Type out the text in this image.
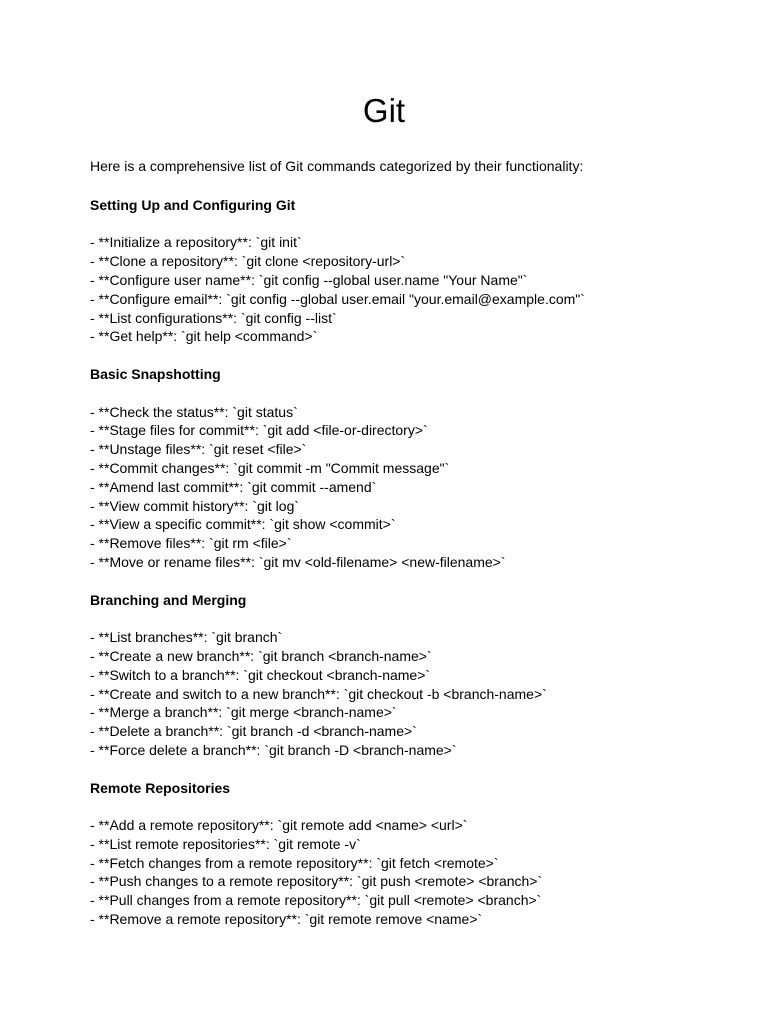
Git

Here is a comprehensive list of Git commands categorized by their functionality:

Setting Up and Configuring Git

- **Initialize a repository**: `git init`
- **Clone a repository**: `git clone <repository-url>`
- **Configure user name**: `git config --global user.name "Your Name"`
- **Configure email**: `git config --global user.email "your.email@example.com"`
- **List configurations**: `git config --list`
- **Get help**: `git help <command>`

Basic Snapshotting

- **Check the status**: `git status`
- **Stage files for commit**: `git add <file-or-directory>`
- **Unstage files**: `git reset <file>`
- **Commit changes**: `git commit -m "Commit message"`
- **Amend last commit**: `git commit --amend`
- **View commit history**: `git log`
- **View a specific commit**: `git show <commit>`
- **Remove files**: `git rm <file>`
- **Move or rename files**: `git mv <old-filename> <new-filename>`

Branching and Merging

- **List branches**: `git branch`
- **Create a new branch**: `git branch <branch-name>`
- **Switch to a branch**: `git checkout <branch-name>`
- **Create and switch to a new branch**: `git checkout -b <branch-name>`
- **Merge a branch**: `git merge <branch-name>`
- **Delete a branch**: `git branch -d <branch-name>`
- **Force delete a branch**: `git branch -D <branch-name>`

Remote Repositories

- **Add a remote repository**: `git remote add <name> <url>`
- **List remote repositories**: `git remote -v`
- **Fetch changes from a remote repository**: `git fetch <remote>`
- **Push changes to a remote repository**: `git push <remote> <branch>`
- **Pull changes from a remote repository**: `git pull <remote> <branch>`
- **Remove a remote repository**: `git remote remove <name>`
